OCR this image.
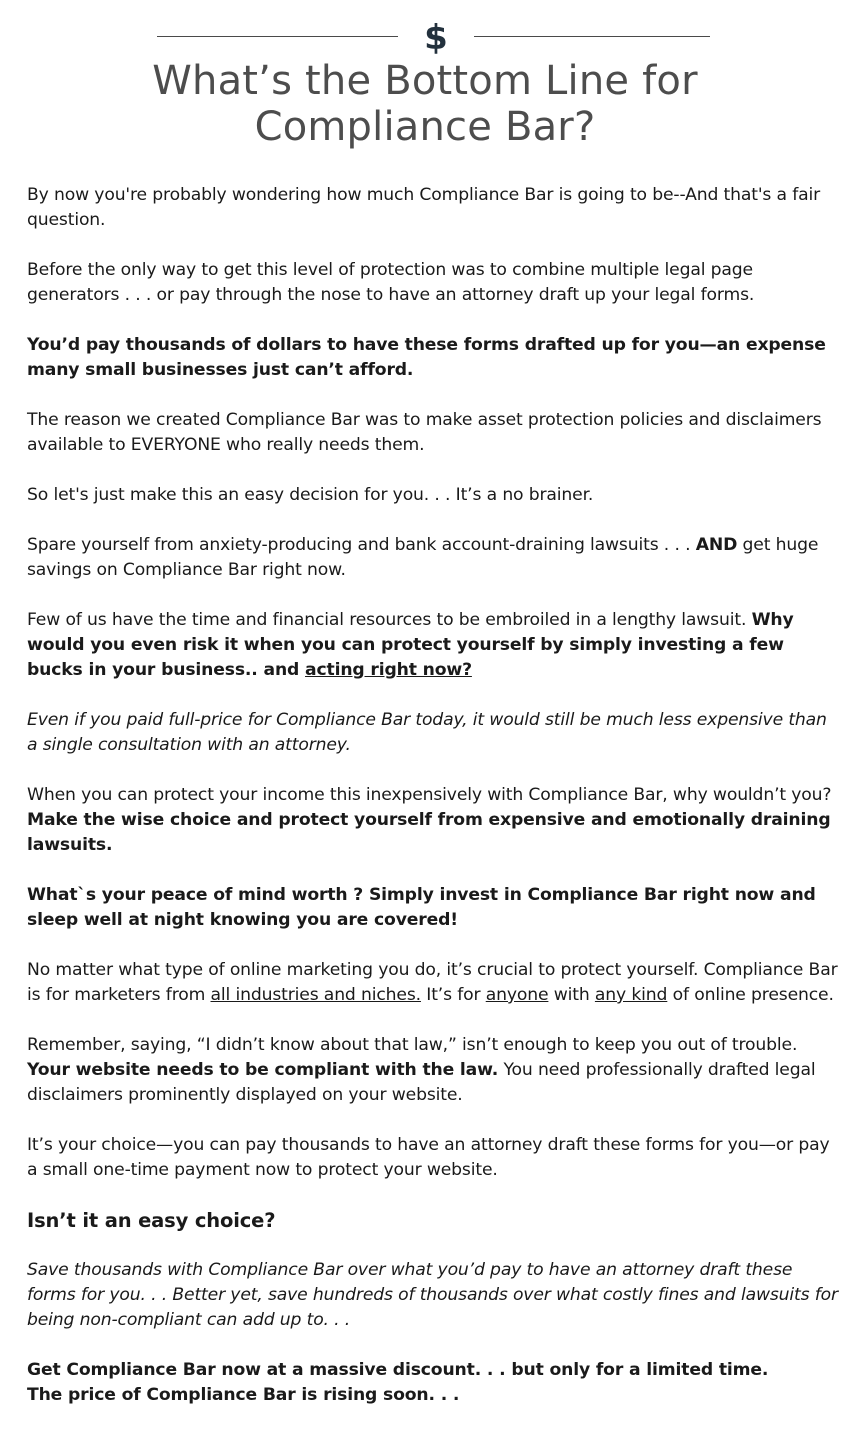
$
What’s the Bottom Line for
Compliance Bar?

By now you're probably wondering how much Compliance Bar is going to be--And that's a fair question.

Before the only way to get this level of protection was to combine multiple legal page generators . . . or pay through the nose to have an attorney draft up your legal forms.

You’d pay thousands of dollars to have these forms drafted up for you—an expense many small businesses just can’t afford.

The reason we created Compliance Bar was to make asset protection policies and disclaimers available to EVERYONE who really needs them.

So let's just make this an easy decision for you. . . It’s a no brainer.

Spare yourself from anxiety-producing and bank account-draining lawsuits . . . AND get huge savings on Compliance Bar right now.

Few of us have the time and financial resources to be embroiled in a lengthy lawsuit. Why would you even risk it when you can protect yourself by simply investing a few bucks in your business.. and acting right now?

Even if you paid full-price for Compliance Bar today, it would still be much less expensive than a single consultation with an attorney.

When you can protect your income this inexpensively with Compliance Bar, why wouldn’t you? Make the wise choice and protect yourself from expensive and emotionally draining lawsuits.

What`s your peace of mind worth ? Simply invest in Compliance Bar right now and sleep well at night knowing you are covered!

No matter what type of online marketing you do, it’s crucial to protect yourself. Compliance Bar is for marketers from all industries and niches. It’s for anyone with any kind of online presence.

Remember, saying, “I didn’t know about that law,” isn’t enough to keep you out of trouble. Your website needs to be compliant with the law. You need professionally drafted legal disclaimers prominently displayed on your website.

It’s your choice—you can pay thousands to have an attorney draft these forms for you—or pay a small one-time payment now to protect your website.

Isn’t it an easy choice?

Save thousands with Compliance Bar over what you’d pay to have an attorney draft these forms for you. . . Better yet, save hundreds of thousands over what costly fines and lawsuits for being non-compliant can add up to. . .

Get Compliance Bar now at a massive discount. . . but only for a limited time.
The price of Compliance Bar is rising soon. . .
